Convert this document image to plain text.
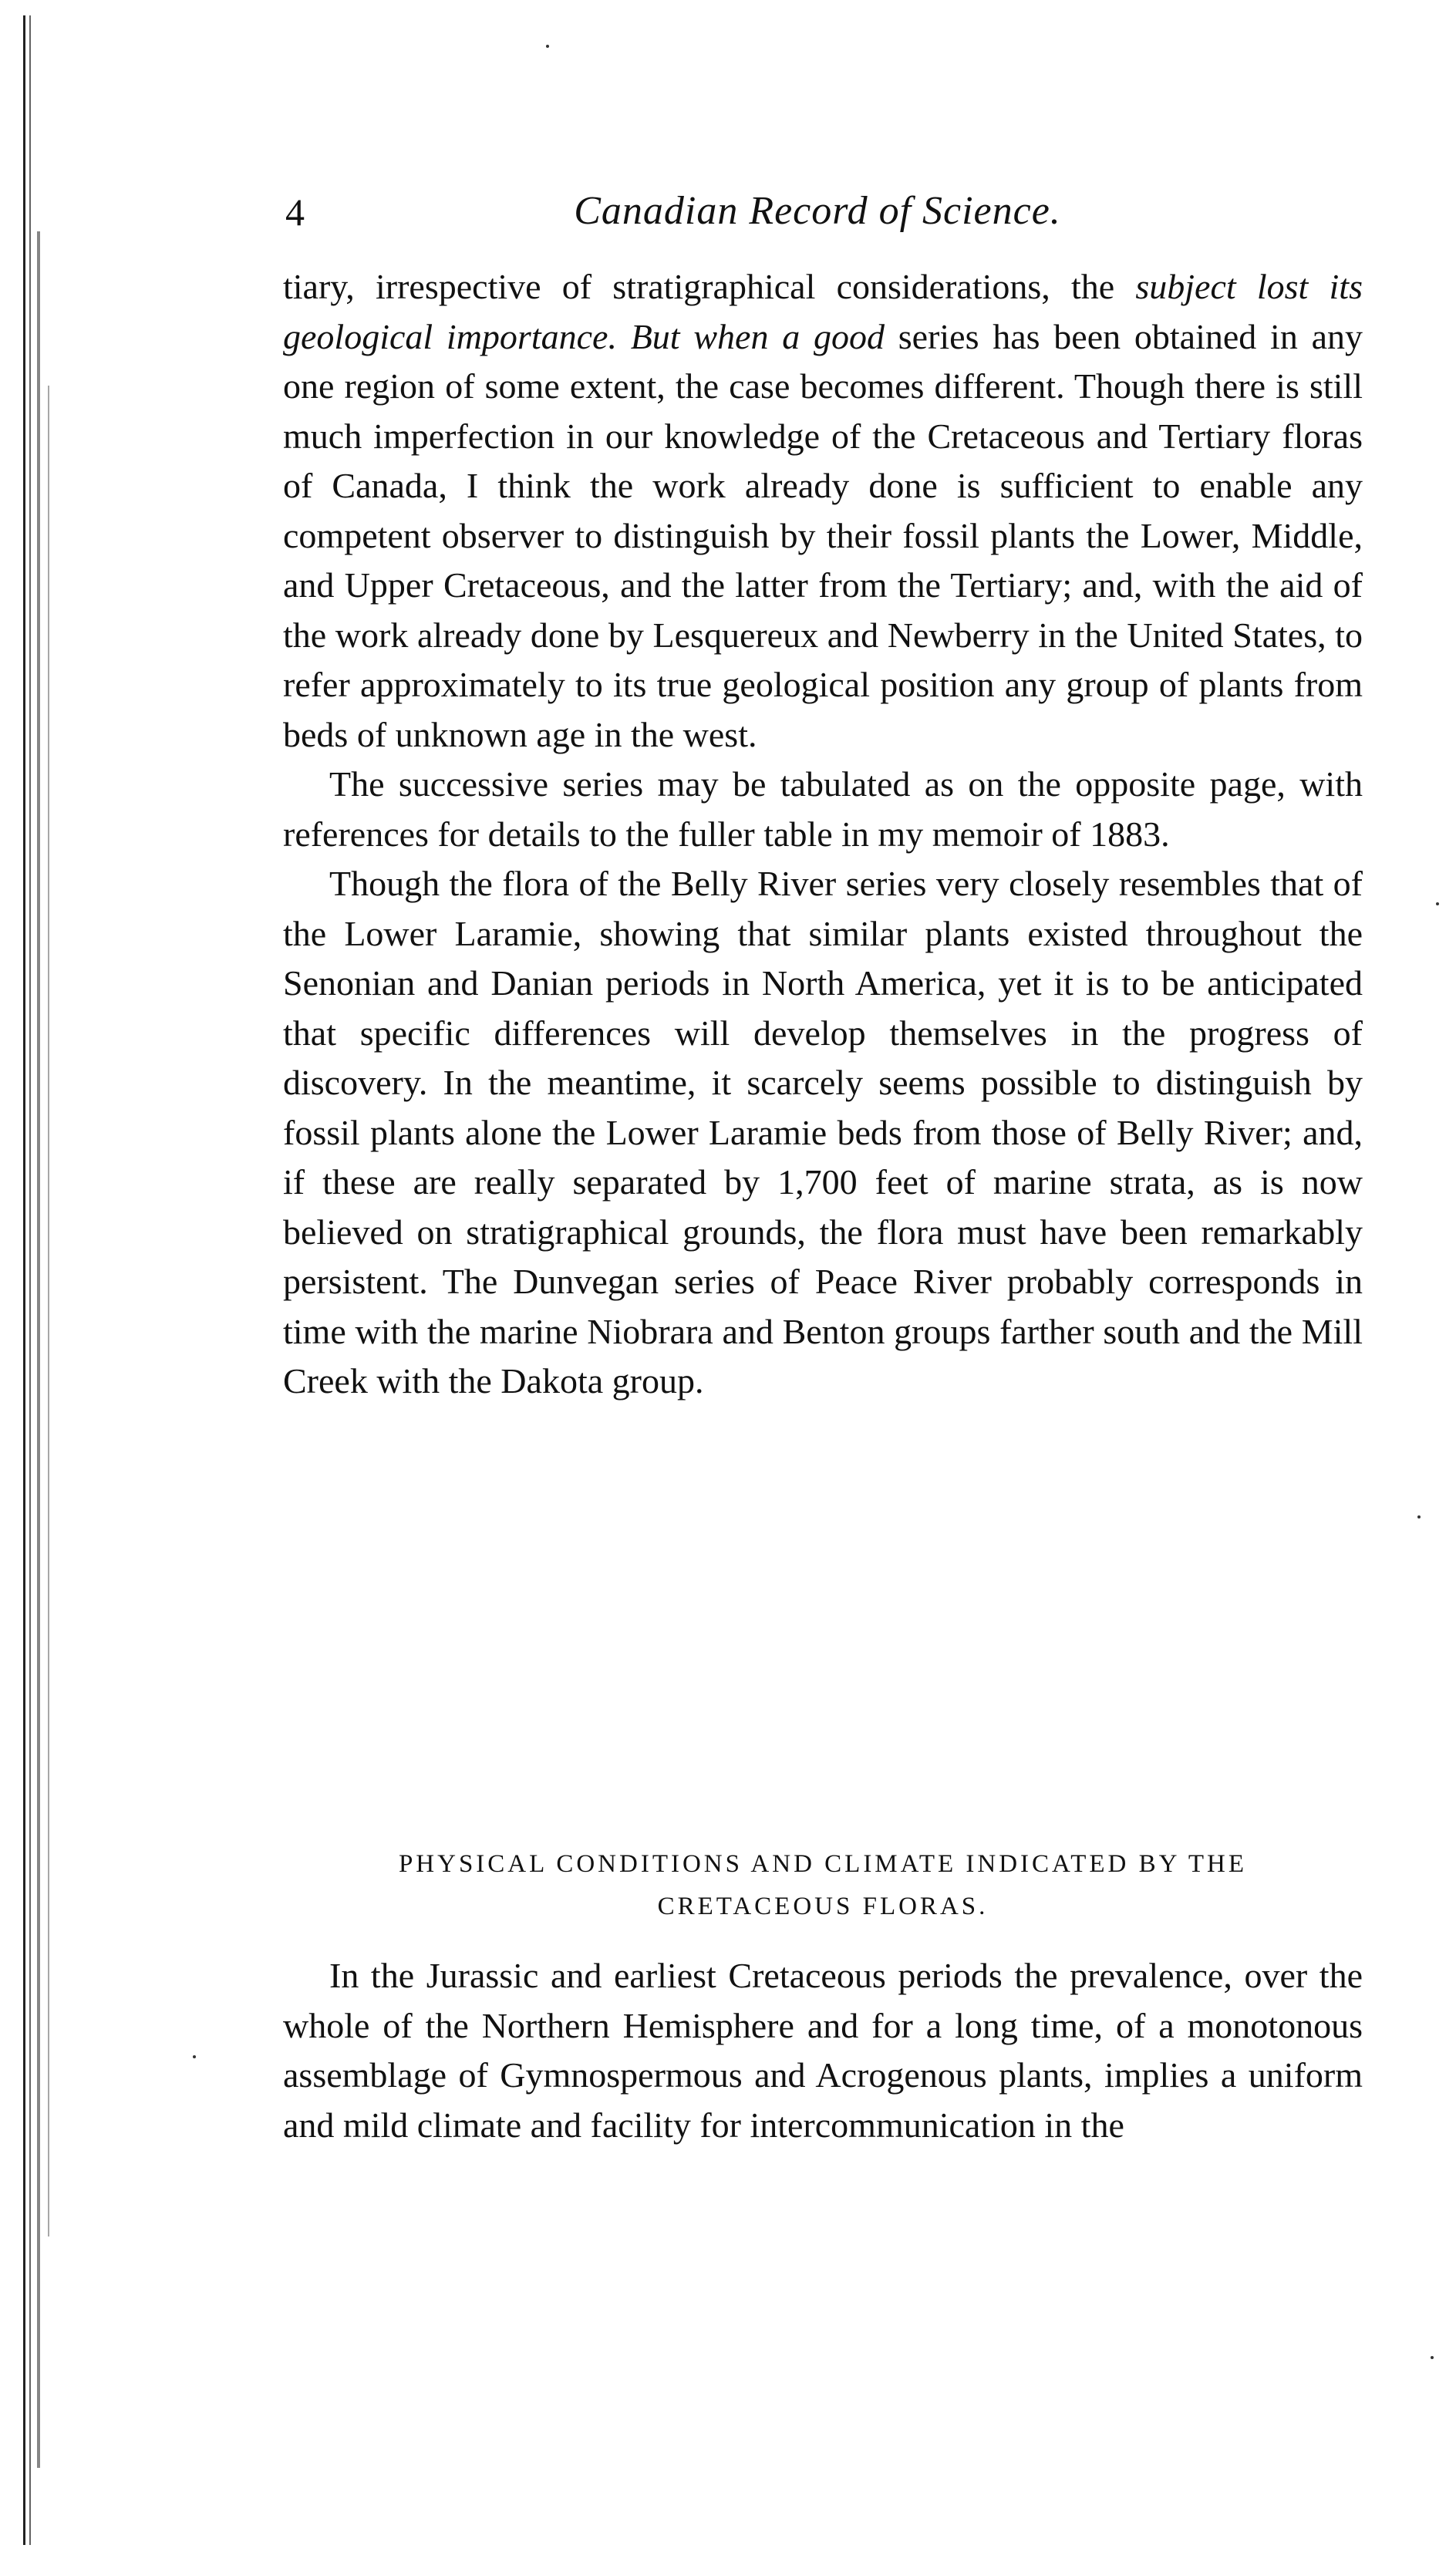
4	Canadian Record of Science.

tiary, irrespective of stratigraphical considerations, the subject lost its geological importance. But when a good series has been obtained in any one region of some extent, the case becomes different. Though there is still much imperfection in our knowledge of the Cretaceous and Tertiary floras of Canada, I think the work already done is sufficient to enable any competent observer to distinguish by their fossil plants the Lower, Middle, and Upper Cretaceous, and the latter from the Tertiary; and, with the aid of the work already done by Lesquereux and Newberry in the United States, to refer approximately to its true geological position any group of plants from beds of unknown age in the west.

The successive series may be tabulated as on the opposite page, with references for details to the fuller table in my memoir of 1883.

Though the flora of the Belly River series very closely resembles that of the Lower Laramie, showing that similar plants existed throughout the Senonian and Danian periods in North America, yet it is to be anticipated that specific differences will develop themselves in the progress of discovery. In the meantime, it scarcely seems possible to distinguish by fossil plants alone the Lower Laramie beds from those of Belly River; and, if these are really separated by 1,700 feet of marine strata, as is now believed on stratigraphical grounds, the flora must have been remarkably persistent. The Dunvegan series of Peace River probably corresponds in time with the marine Niobrara and Benton groups farther south and the Mill Creek with the Dakota group.

PHYSICAL CONDITIONS AND CLIMATE INDICATED BY THE
CRETACEOUS FLORAS.

In the Jurassic and earliest Cretaceous periods the prevalence, over the whole of the Northern Hemisphere and for a long time, of a monotonous assemblage of Gymnospermous and Acrogenous plants, implies a uniform and mild climate and facility for intercommunication in the
